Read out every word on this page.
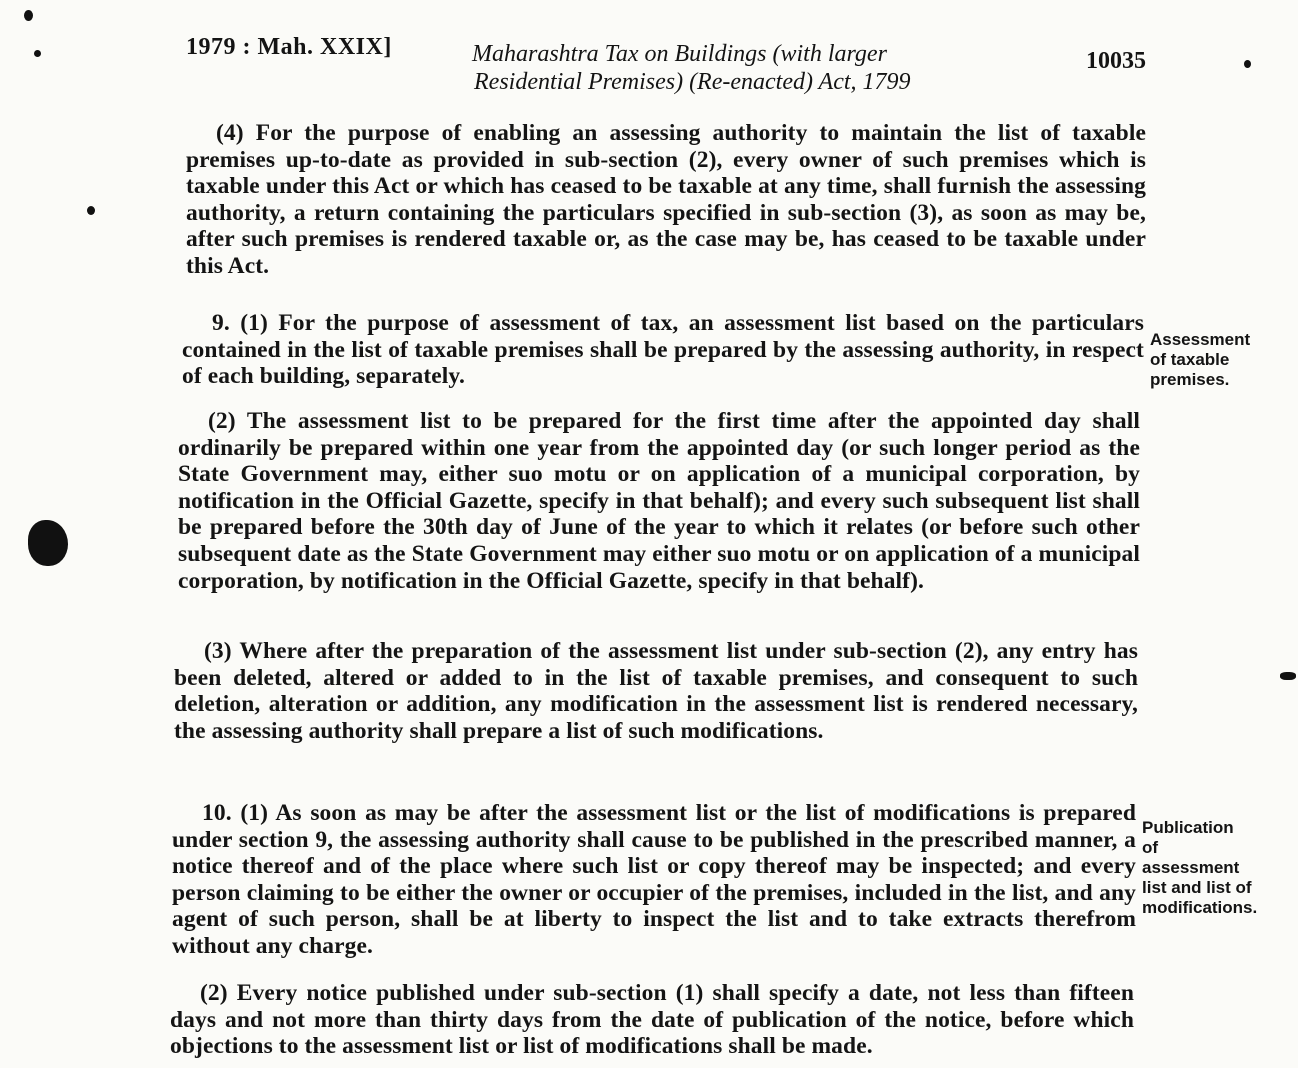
1979 : Mah. XXIX]	Maharashtra Tax on Buildings (with larger
Residential Premises) (Re-enacted) Act, 1799
10035

(4) For the purpose of enabling an assessing authority to maintain the list of taxable premises up-to-date as provided in sub-section (2), every owner of such premises which is taxable under this Act or which has ceased to be taxable at any time, shall furnish the assessing authority, a return containing the particulars specified in sub-section (3), as soon as may be, after such premises is rendered taxable or, as the case may be, has ceased to be taxable under this Act.

9. (1) For the purpose of assessment of tax, an assessment list based on the particulars contained in the list of taxable premises shall be prepared by the assessing authority, in respect of each building, separately.

Assessment of taxable premises.

(2) The assessment list to be prepared for the first time after the appointed day shall ordinarily be prepared within one year from the appointed day (or such longer period as the State Government may, either suo motu or on application of a municipal corporation, by notification in the Official Gazette, specify in that behalf); and every such subsequent list shall be prepared before the 30th day of June of the year to which it relates (or before such other subsequent date as the State Government may either suo motu or on application of a municipal corporation, by notification in the Official Gazette, specify in that behalf).

(3) Where after the preparation of the assessment list under sub-section (2), any entry has been deleted, altered or added to in the list of taxable premises, and consequent to such deletion, alteration or addition, any modification in the assessment list is rendered necessary, the assessing authority shall prepare a list of such modifications.

10. (1) As soon as may be after the assessment list or the list of modifications is prepared under section 9, the assessing authority shall cause to be published in the prescribed manner, a notice thereof and of the place where such list or copy thereof may be inspected; and every person claiming to be either the owner or occupier of the premises, included in the list, and any agent of such person, shall be at liberty to inspect the list and to take extracts therefrom without any charge.

Publication of assessment list and list of modifications.

(2) Every notice published under sub-section (1) shall specify a date, not less than fifteen days and not more than thirty days from the date of publication of the notice, before which objections to the assessment list or list of modifications shall be made.
